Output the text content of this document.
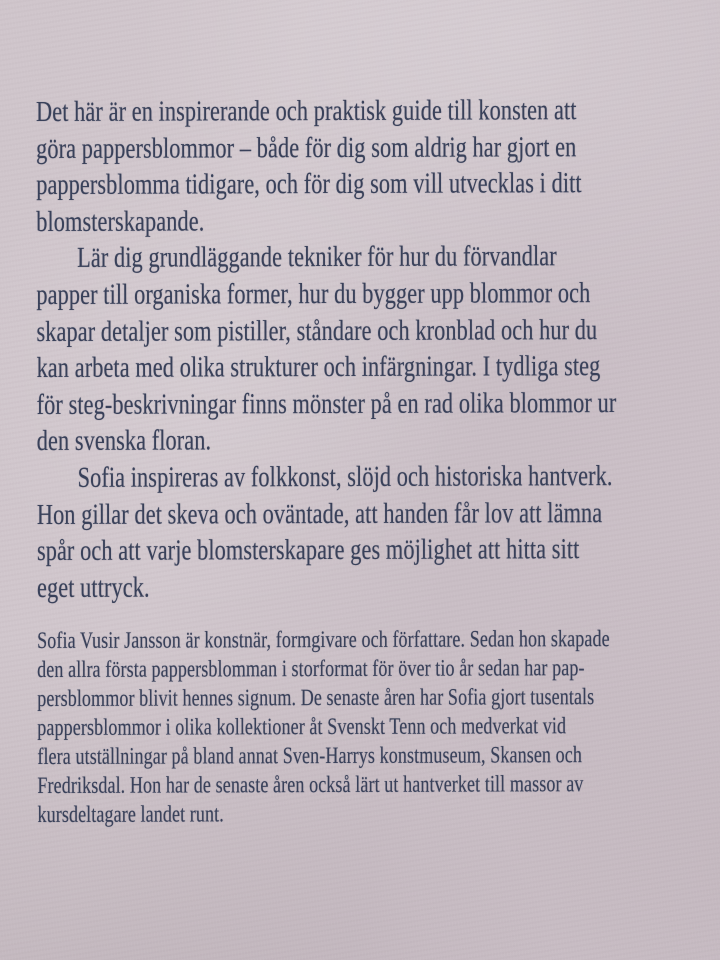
Det här är en inspirerande och praktisk guide till konsten att
göra pappersblommor – både för dig som aldrig har gjort en
pappersblomma tidigare, och för dig som vill utvecklas i ditt
blomsterskapande.
Lär dig grundläggande tekniker för hur du förvandlar
papper till organiska former, hur du bygger upp blommor och
skapar detaljer som pistiller, ståndare och kronblad och hur du
kan arbeta med olika strukturer och infärgningar. I tydliga steg
för steg-beskrivningar finns mönster på en rad olika blommor ur
den svenska floran.
Sofia inspireras av folkkonst, slöjd och historiska hantverk.
Hon gillar det skeva och oväntade, att handen får lov att lämna
spår och att varje blomsterskapare ges möjlighet att hitta sitt
eget uttryck.
Sofia Vusir Jansson är konstnär, formgivare och författare. Sedan hon skapade
den allra första pappersblomman i storformat för över tio år sedan har pap-
persblommor blivit hennes signum. De senaste åren har Sofia gjort tusentals
pappersblommor i olika kollektioner åt Svenskt Tenn och medverkat vid
flera utställningar på bland annat Sven-Harrys konstmuseum, Skansen och
Fredriksdal. Hon har de senaste åren också lärt ut hantverket till massor av
kursdeltagare landet runt.
